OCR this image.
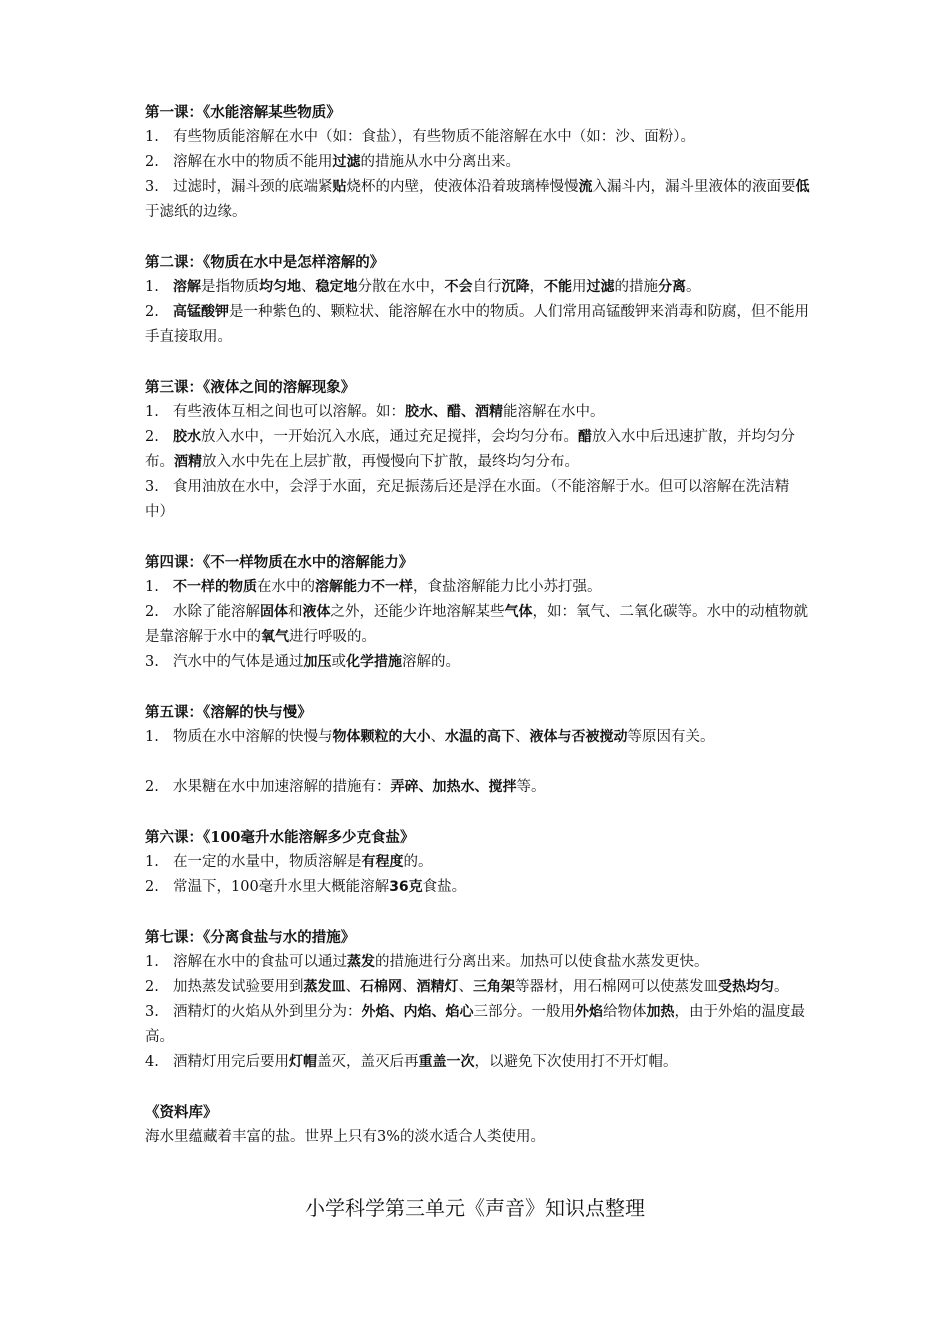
第一课：《水能溶解某些物质》
1. 有些物质能溶解在水中（如：食盐），有些物质不能溶解在水中（如：沙、面粉）。
2. 溶解在水中的物质不能用过滤的措施从水中分离出来。
3. 过滤时，漏斗颈的底端紧贴烧杯的内壁，使液体沿着玻璃棒慢慢流入漏斗内，漏斗里液体的液面要低于滤纸的边缘。
第二课：《物质在水中是怎样溶解的》
1. 溶解是指物质均匀地、稳定地分散在水中，不会自行沉降，不能用过滤的措施分离。
2. 高锰酸钾是一种紫色的、颗粒状、能溶解在水中的物质。人们常用高锰酸钾来消毒和防腐，但不能用手直接取用。
第三课：《液体之间的溶解现象》
1. 有些液体互相之间也可以溶解。如：胶水、醋、酒精能溶解在水中。
2. 胶水放入水中，一开始沉入水底，通过充足搅拌，会均匀分布。醋放入水中后迅速扩散，并均匀分布。酒精放入水中先在上层扩散，再慢慢向下扩散，最终均匀分布。
3. 食用油放在水中，会浮于水面，充足振荡后还是浮在水面。（不能溶解于水。但可以溶解在洗洁精中）
第四课：《不一样物质在水中的溶解能力》
1. 不一样的物质在水中的溶解能力不一样，食盐溶解能力比小苏打强。
2. 水除了能溶解固体和液体之外，还能少许地溶解某些气体，如：氧气、二氧化碳等。水中的动植物就是靠溶解于水中的氧气进行呼吸的。
3. 汽水中的气体是通过加压或化学措施溶解的。
第五课：《溶解的快与慢》
1. 物质在水中溶解的快慢与物体颗粒的大小、水温的高下、液体与否被搅动等原因有关。
2. 水果糖在水中加速溶解的措施有：弄碎、加热水、搅拌等。
第六课：《100毫升水能溶解多少克食盐》
1. 在一定的水量中，物质溶解是有程度的。
2. 常温下，100毫升水里大概能溶解36克食盐。
第七课：《分离食盐与水的措施》
1. 溶解在水中的食盐可以通过蒸发的措施进行分离出来。加热可以使食盐水蒸发更快。
2. 加热蒸发试验要用到蒸发皿、石棉网、酒精灯、三角架等器材，用石棉网可以使蒸发皿受热均匀。
3. 酒精灯的火焰从外到里分为：外焰、内焰、焰心三部分。一般用外焰给物体加热，由于外焰的温度最高。
4. 酒精灯用完后要用灯帽盖灭，盖灭后再重盖一次，以避免下次使用打不开灯帽。
《资料库》
海水里蕴藏着丰富的盐。世界上只有3%的淡水适合人类使用。
小学科学第三单元《声音》知识点整理
